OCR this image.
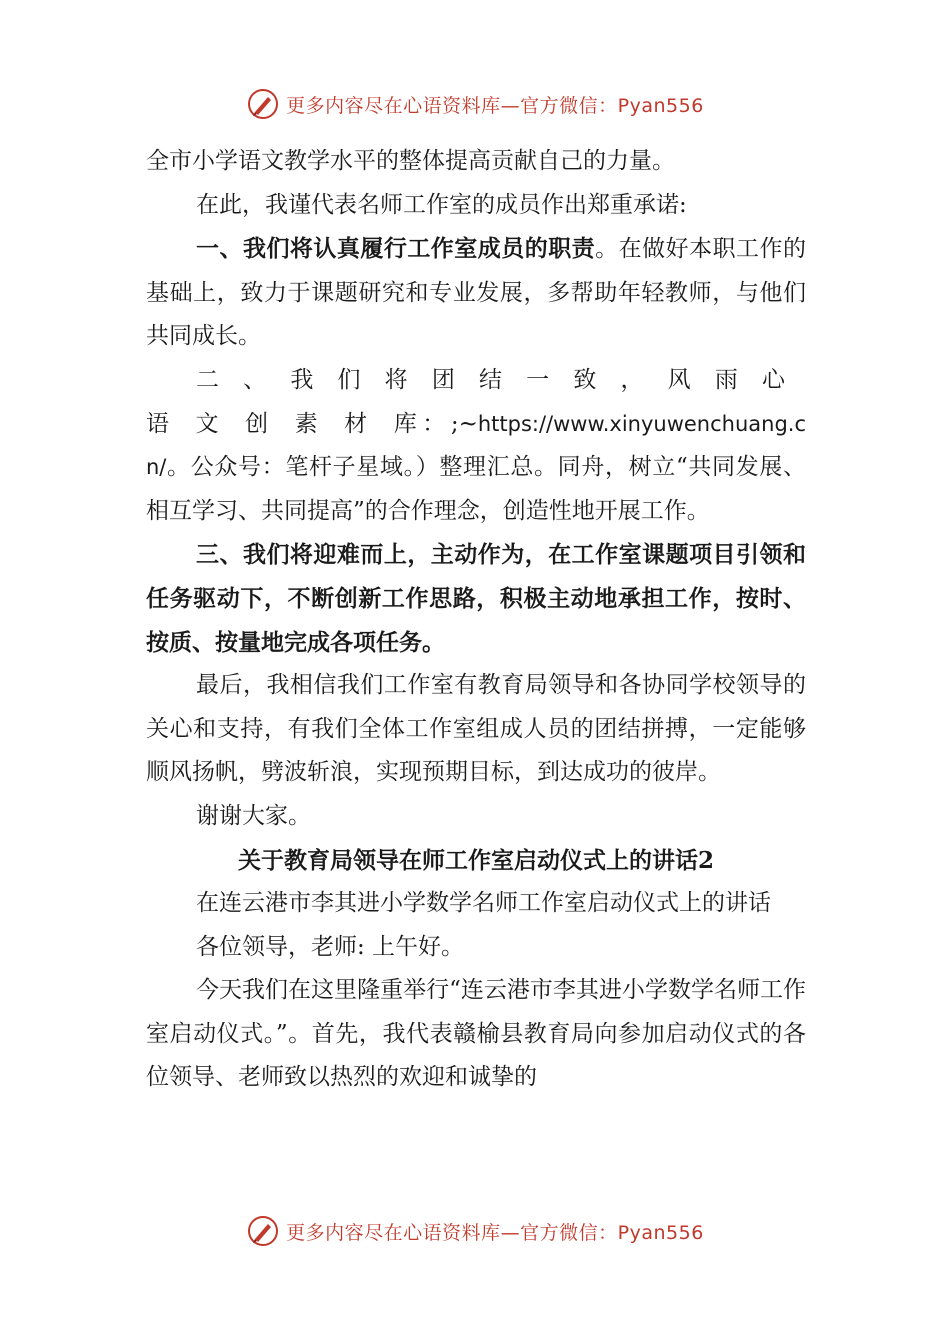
更多内容尽在心语资料库—官方微信：Pyan556

全市小学语文教学水平的整体提高贡献自己的力量。

在此，我谨代表名师工作室的成员作出郑重承诺:

一、我们将认真履行工作室成员的职责。在做好本职工作的基础上，致力于课题研究和专业发展，多帮助年轻教师，与他们共同成长。

二、我们将团结一致，风雨心语文创素材库：;~https://www.xinyuwenchuang.cn/。公众号：笔杆子星域。）整理汇总。同舟，树立“共同发展、相互学习、共同提高”的合作理念，创造性地开展工作。

三、我们将迎难而上，主动作为，在工作室课题项目引领和任务驱动下，不断创新工作思路，积极主动地承担工作，按时、按质、按量地完成各项任务。

最后，我相信我们工作室有教育局领导和各协同学校领导的关心和支持，有我们全体工作室组成人员的团结拼搏，一定能够顺风扬帆，劈波斩浪，实现预期目标，到达成功的彼岸。

谢谢大家。

关于教育局领导在师工作室启动仪式上的讲话2

在连云港市李其进小学数学名师工作室启动仪式上的讲话

各位领导，老师: 上午好。

今天我们在这里隆重举行“连云港市李其进小学数学名师工作室启动仪式。”。首先，我代表赣榆县教育局向参加启动仪式的各位领导、老师致以热烈的欢迎和诚挚的

更多内容尽在心语资料库—官方微信：Pyan556
